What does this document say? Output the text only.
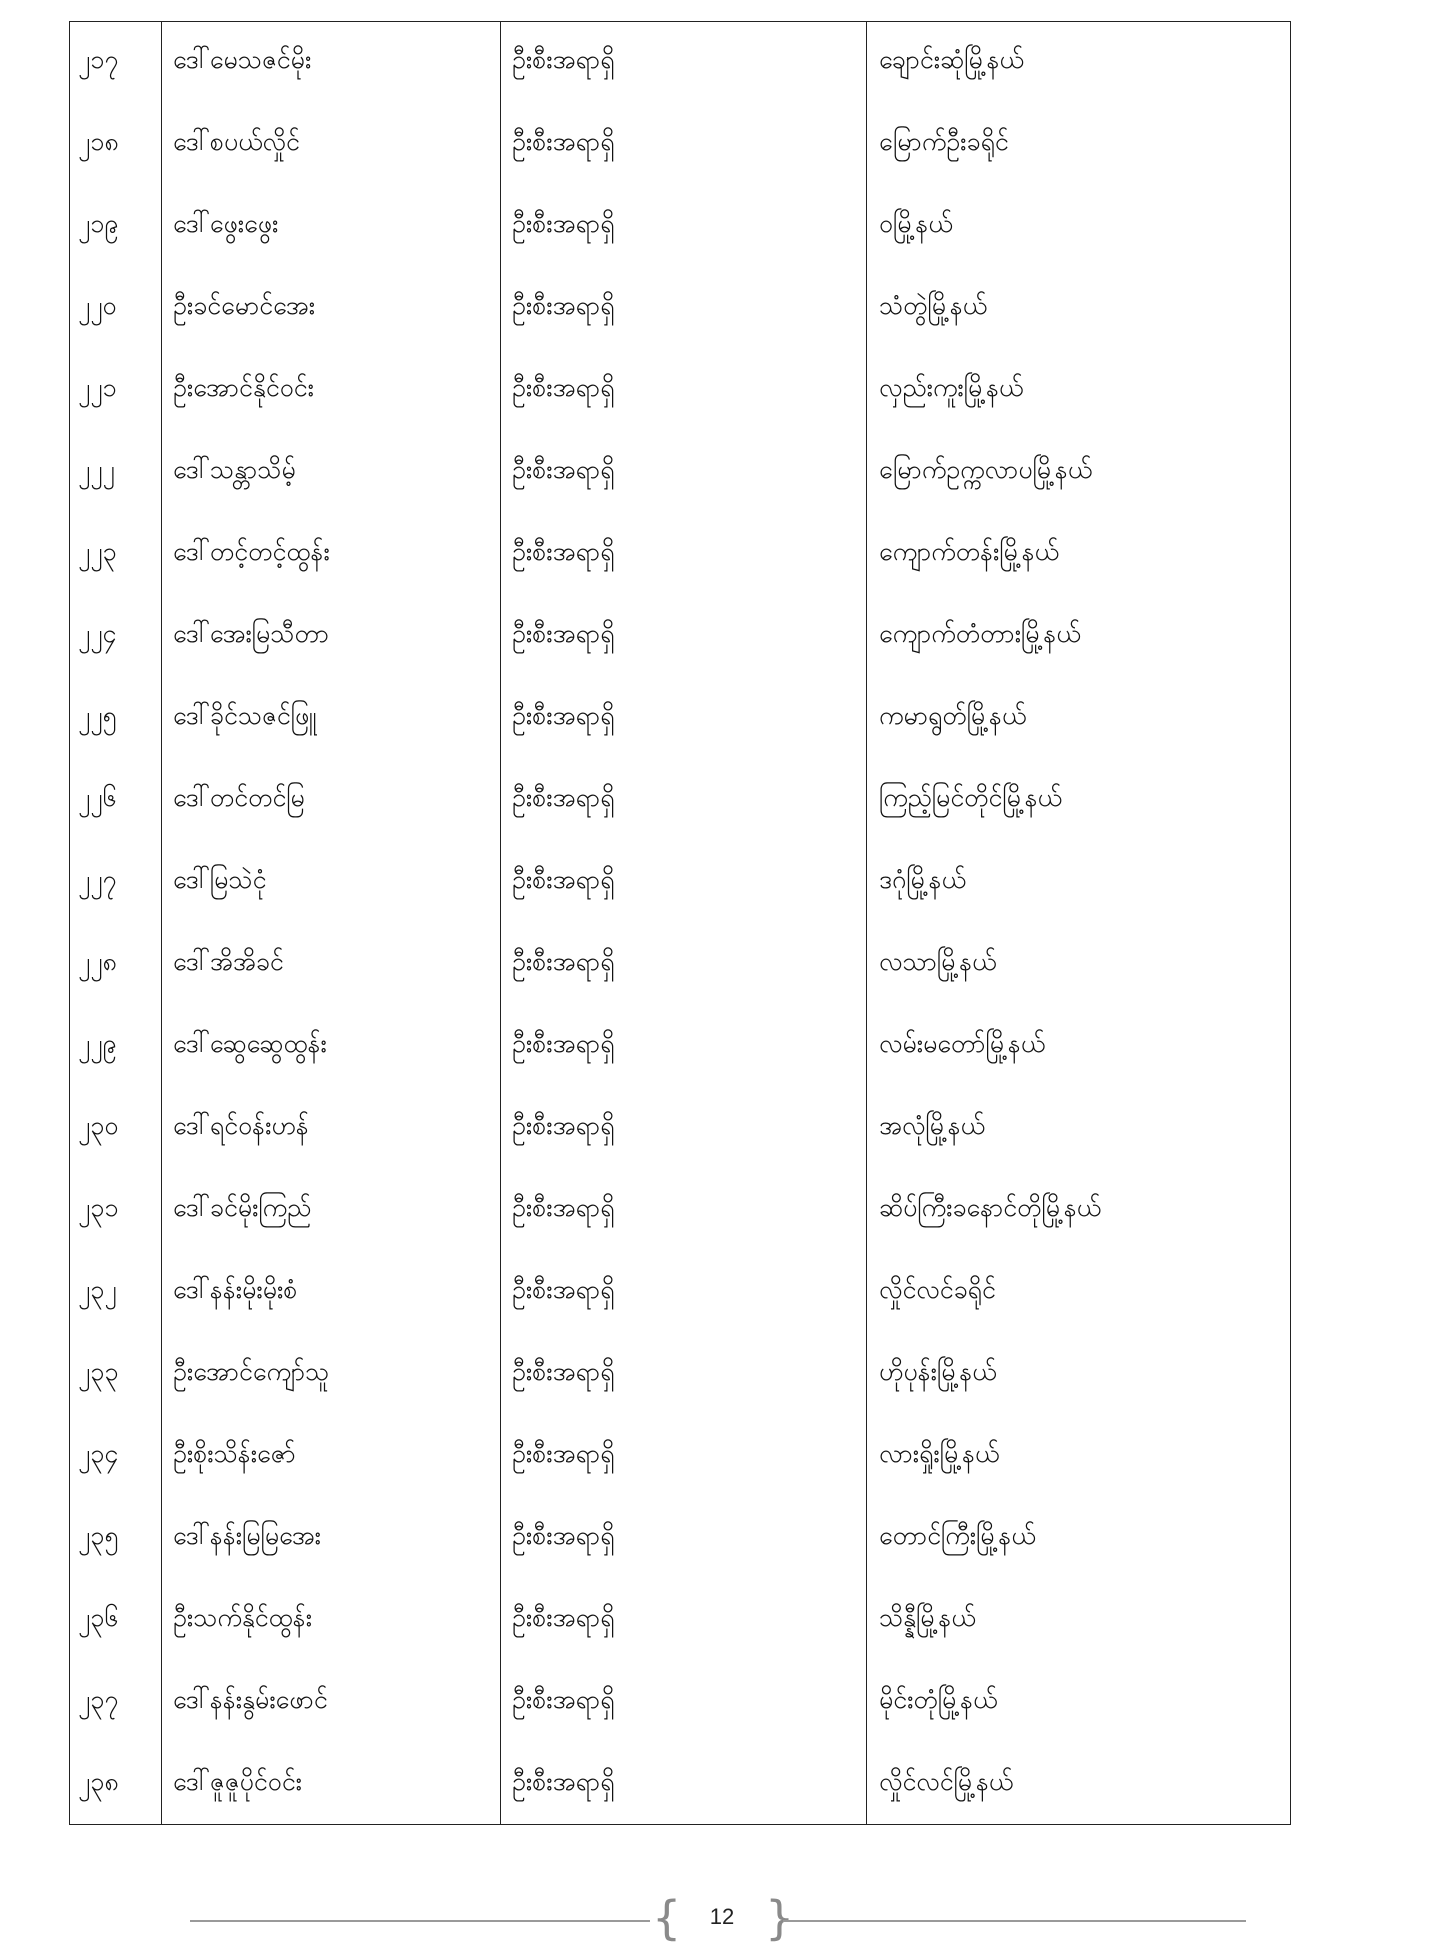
၂၁၇ ဒေါ်မေသဇင်မိုး	ဦးစီးအရာရှိ	ချောင်းဆုံမြို့နယ်
၂၁၈ ဒေါ်စပယ်လှိုင်	ဦးစီးအရာရှိ	မြောက်ဦးခရိုင်
၂၁၉ ဒေါ်ဖွေးဖွေး	ဦးစီးအရာရှိ	ဝမြို့နယ်
၂၂၀ ဦးခင်မောင်အေး	ဦးစီးအရာရှိ	သံတွဲမြို့နယ်
၂၂၁ ဦးအောင်နိုင်ဝင်း	ဦးစီးအရာရှိ	လှည်းကူးမြို့နယ်
၂၂၂ ဒေါ်သန္တာသိမ့်	ဦးစီးအရာရှိ	မြောက်ဥက္ကလာပမြို့နယ်
၂၂၃ ဒေါ်တင့်တင့်ထွန်း	ဦးစီးအရာရှိ	ကျောက်တန်းမြို့နယ်
၂၂၄ ဒေါ်အေးမြသီတာ	ဦးစီးအရာရှိ	ကျောက်တံတားမြို့နယ်
၂၂၅ ဒေါ်ခိုင်သဇင်ဖြူ	ဦးစီးအရာရှိ	ကမာရွတ်မြို့နယ်
၂၂၆ ဒေါ်တင်တင်မြ	ဦးစီးအရာရှိ	ကြည့်မြင်တိုင်မြို့နယ်
၂၂၇ ဒေါ်မြသဲငုံ	ဦးစီးအရာရှိ	ဒဂုံမြို့နယ်
၂၂၈ ဒေါ်အိအိခင်	ဦးစီးအရာရှိ	လသာမြို့နယ်
၂၂၉ ဒေါ်ဆွေဆွေထွန်း	ဦးစီးအရာရှိ	လမ်းမတော်မြို့နယ်
၂၃၀ ဒေါ်ရင်ဝန်းဟန်	ဦးစီးအရာရှိ	အလုံမြို့နယ်
၂၃၁ ဒေါ်ခင်မိုးကြည်	ဦးစီးအရာရှိ	ဆိပ်ကြီးခနောင်တိုမြို့နယ်
၂၃၂ ဒေါ်နန်းမိုးမိုးစံ	ဦးစီးအရာရှိ	လှိုင်လင်ခရိုင်
၂၃၃ ဦးအောင်ကျော်သူ	ဦးစီးအရာရှိ	ဟိုပုန်းမြို့နယ်
၂၃၄ ဦးစိုးသိန်းဇော်	ဦးစီးအရာရှိ	လားရှိုးမြို့နယ်
၂၃၅ ဒေါ်နန်းမြမြအေး	ဦးစီးအရာရှိ	တောင်ကြီးမြို့နယ်
၂၃၆ ဦးသက်နိုင်ထွန်း	ဦးစီးအရာရှိ	သိန္နီမြို့နယ်
၂၃၇ ဒေါ်နန်းနွမ်းဖောင်	ဦးစီးအရာရှိ	မိုင်းတုံမြို့နယ်
၂၃၈ ဒေါ်ဇူဇူပိုင်ဝင်း	ဦးစီးအရာရှိ	လှိုင်လင်မြို့နယ်
{	12 }
